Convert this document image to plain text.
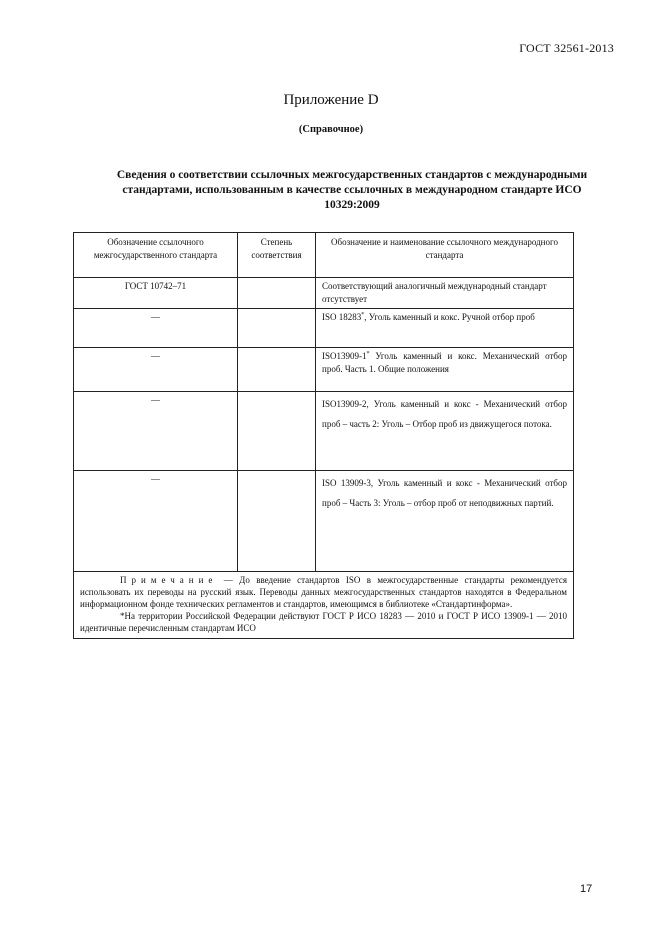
ГОСТ 32561-2013
Приложение D
(Справочное)
Сведения о соответствии ссылочных межгосударственных стандартов с международными стандартами, использованным в качестве ссылочных в международном стандарте ИСО 10329:2009
Обозначение ссылочного межгосударственного стандарта	Степень соответствия	Обозначение и наименование ссылочного международного стандарта
ГОСТ 10742–71		Соответствующий аналогичный международный стандарт отсутствует
—		ISO 18283*, Уголь каменный и кокс. Ручной отбор проб
—		ISO13909-1* Уголь каменный и кокс. Механический отбор проб. Часть 1. Общие положения
—		ISO13909-2, Уголь каменный и кокс - Механический отбор проб – часть 2: Уголь – Отбор проб из движущегося потока.
—		ISO 13909-3, Уголь каменный и кокс - Механический отбор проб – Часть 3: Уголь – отбор проб от неподвижных партий.

Примечание — До введение стандартов ISO в межгосударственные стандарты рекомендуется использовать их переводы на русский язык. Переводы данных межгосударственных стандартов находятся в Федеральном информационном фонде технических регламентов и стандартов, имеющимся в библиотеке «Стандартинформа».

*На территории Российской Федерации действуют ГОСТ Р ИСО 18283 — 2010 и ГОСТ Р ИСО 13909-1 — 2010 идентичные перечисленным стандартам ИСО		

17
